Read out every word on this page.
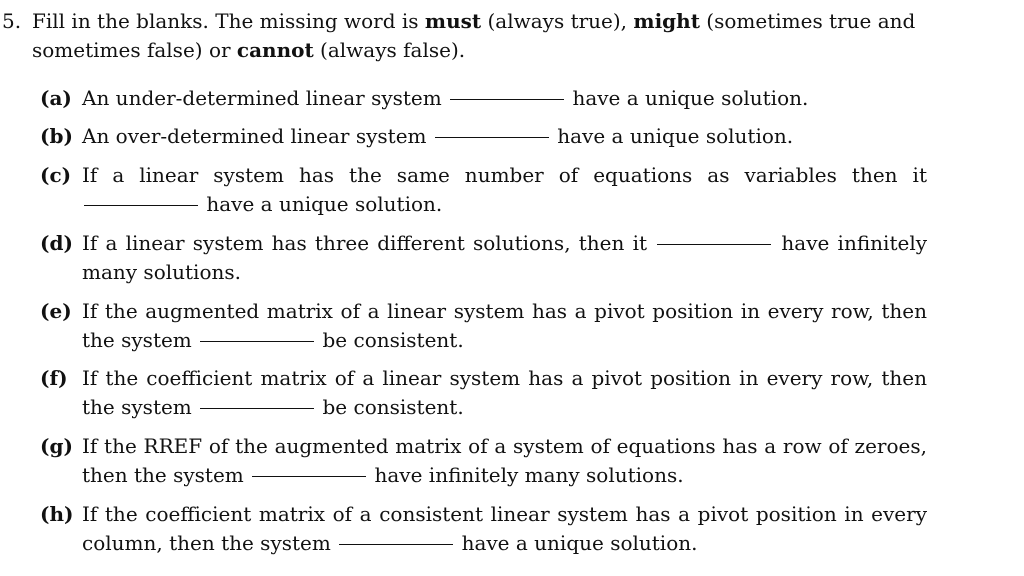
5. Fill in the blanks. The missing word is must (always true), might (sometimes true and sometimes false) or cannot (always false).
(a) An under-determined linear system	have a unique solution.
(b) An over-determined linear system	have a unique solution.
(c) If a linear system has the same number of equations as variables then it  have a unique solution.
(d) If a linear system has three different solutions, then it	have infinitely many solutions.
(e) If the augmented matrix of a linear system has a pivot position in every row, then the system	be consistent.
(f) If the coefficient matrix of a linear system has a pivot position in every row, then the system	be consistent.
(g) If the RREF of the augmented matrix of a system of equations has a row of zeroes, then the system	have infinitely many solutions.
(h) If the coefficient matrix of a consistent linear system has a pivot position in every column, then the system	have a unique solution.
